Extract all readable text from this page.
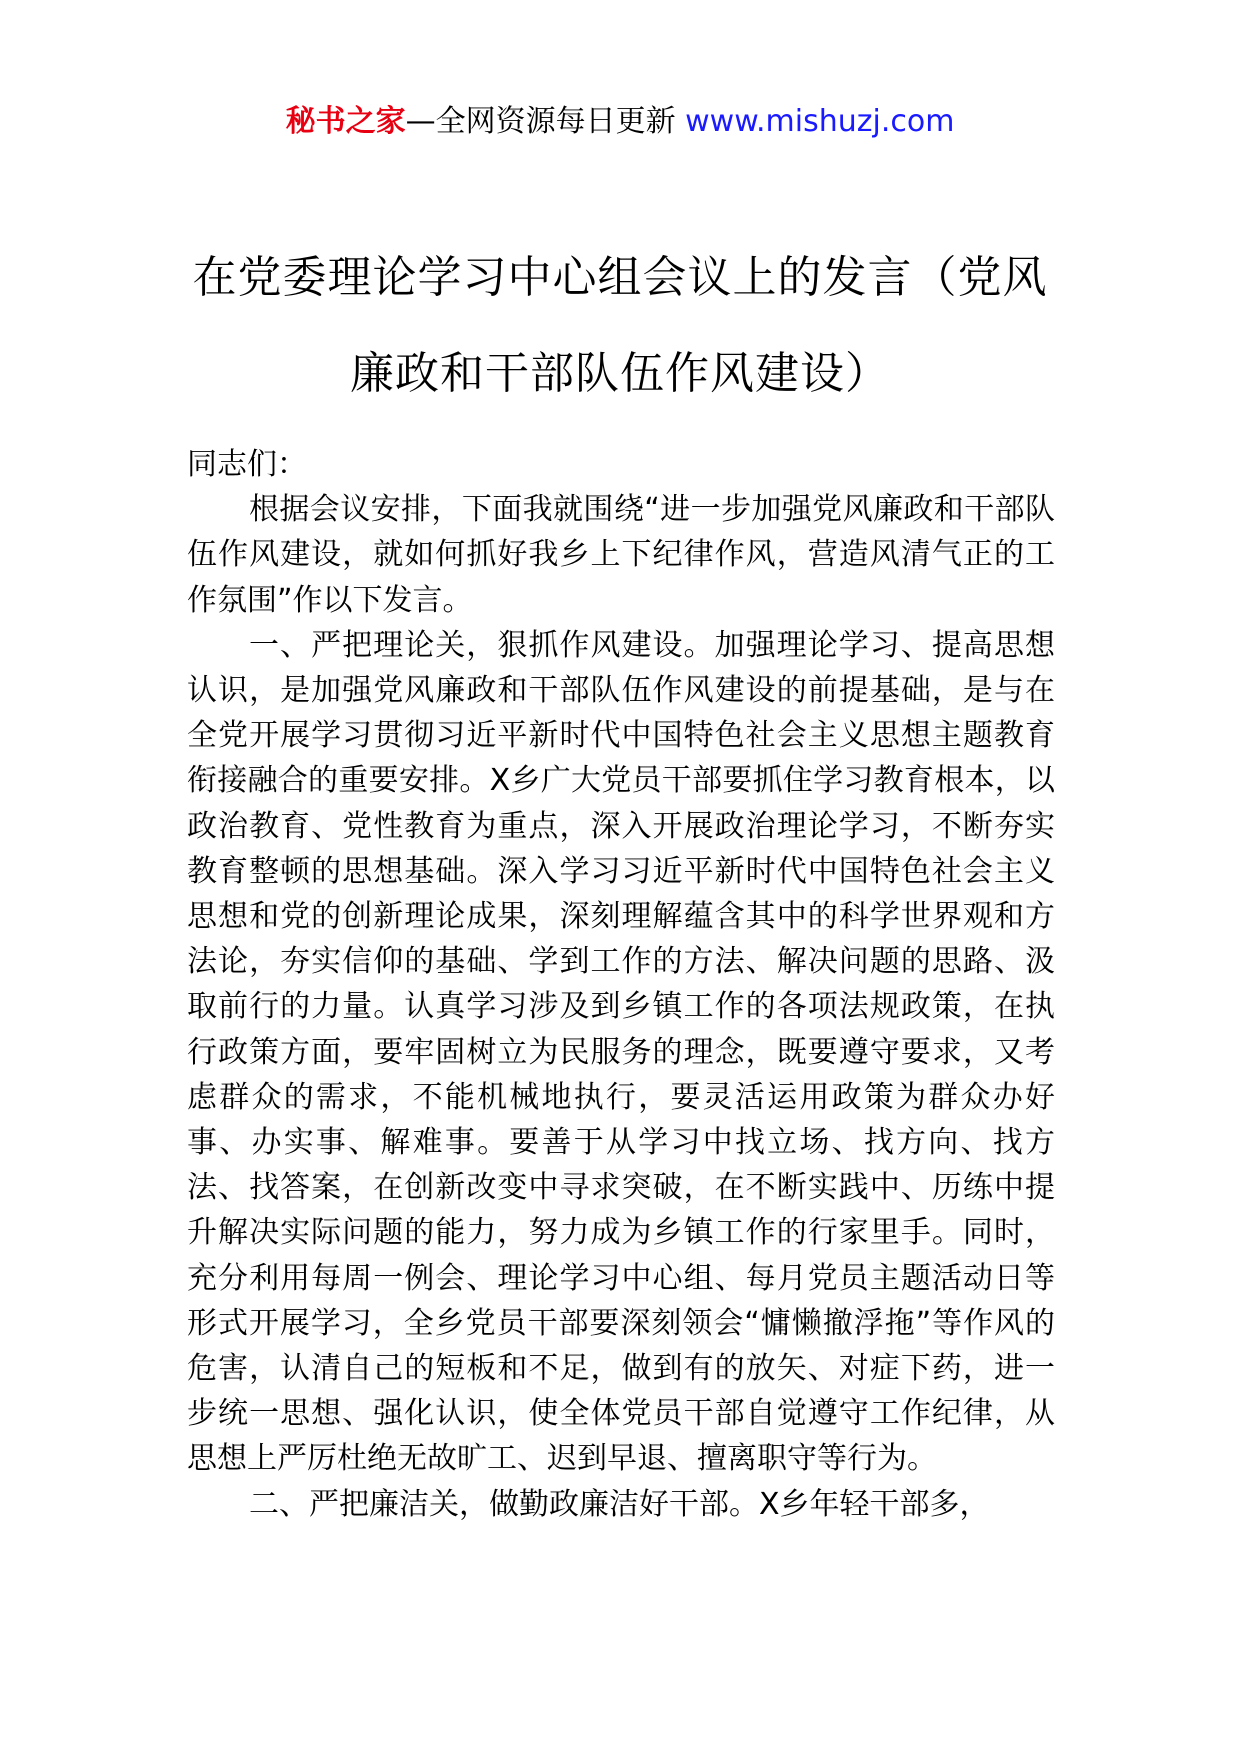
秘书之家—全网资源每日更新 www.mishuzj.com
在党委理论学习中心组会议上的发言（党风廉政和干部队伍作风建设）

同志们：

根据会议安排，下面我就围绕“进一步加强党风廉政和干部队伍作风建设，就如何抓好我乡上下纪律作风，营造风清气正的工作氛围”作以下发言。

一、严把理论关，狠抓作风建设。加强理论学习、提高思想认识，是加强党风廉政和干部队伍作风建设的前提基础，是与在全党开展学习贯彻习近平新时代中国特色社会主义思想主题教育衔接融合的重要安排。X乡广大党员干部要抓住学习教育根本，以政治教育、党性教育为重点，深入开展政治理论学习，不断夯实教育整顿的思想基础。深入学习习近平新时代中国特色社会主义思想和党的创新理论成果，深刻理解蕴含其中的科学世界观和方法论，夯实信仰的基础、学到工作的方法、解决问题的思路、汲取前行的力量。认真学习涉及到乡镇工作的各项法规政策，在执行政策方面，要牢固树立为民服务的理念，既要遵守要求，又考虑群众的需求，不能机械地执行，要灵活运用政策为群众办好事、办实事、解难事。要善于从学习中找立场、找方向、找方法、找答案，在创新改变中寻求突破，在不断实践中、历练中提升解决实际问题的能力，努力成为乡镇工作的行家里手。同时，充分利用每周一例会、理论学习中心组、每月党员主题活动日等形式开展学习，全乡党员干部要深刻领会“慵懒撤浮拖”等作风的危害，认清自己的短板和不足，做到有的放矢、对症下药，进一步统一思想、强化认识，使全体党员干部自觉遵守工作纪律，从思想上严厉杜绝无故旷工、迟到早退、擅离职守等行为。

二、严把廉洁关，做勤政廉洁好干部。X乡年轻干部多，
